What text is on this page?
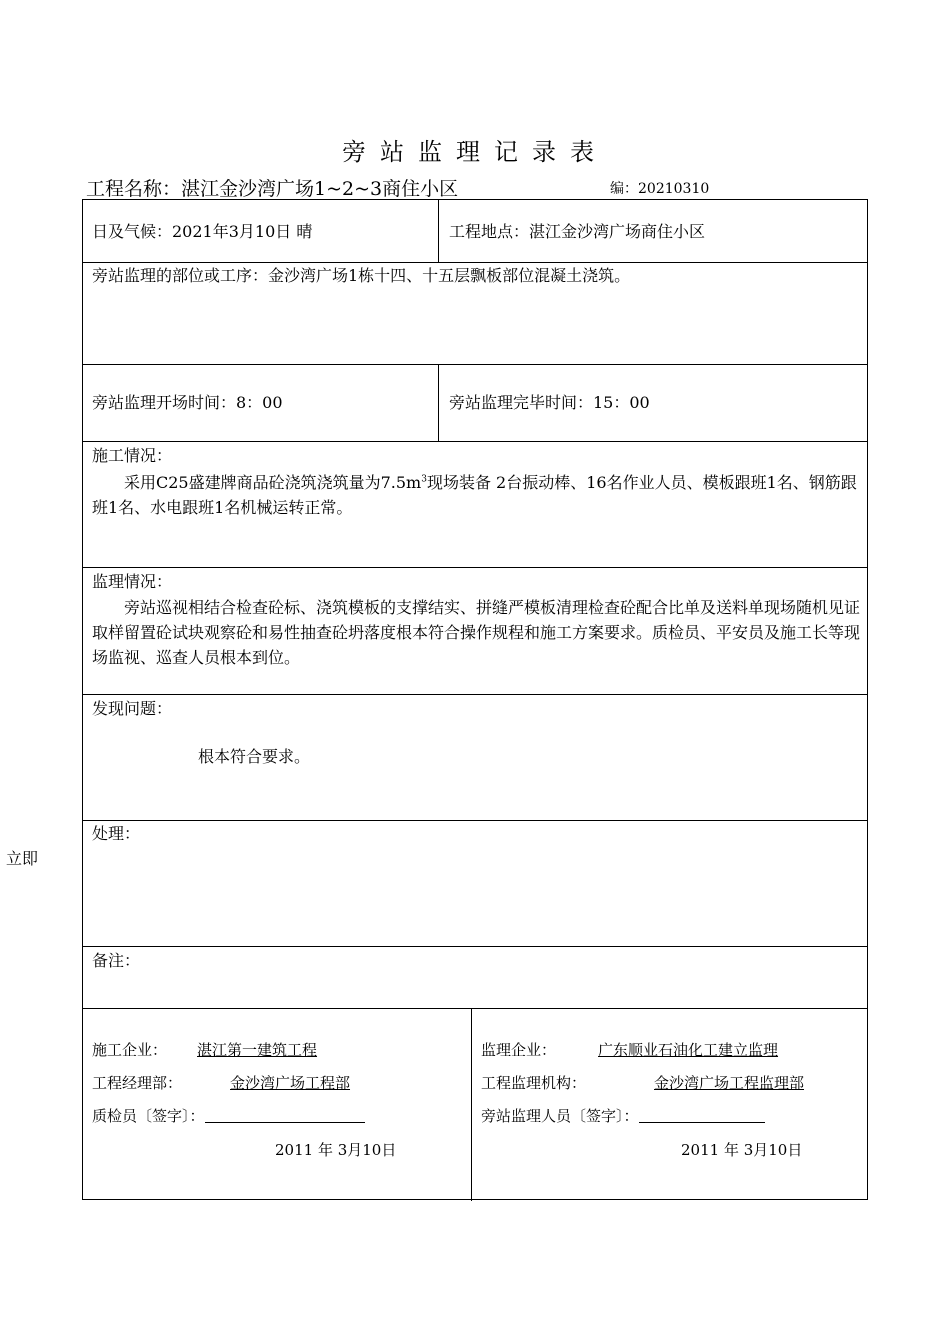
旁站监理记录表
工程名称：湛江金沙湾广场1~2~3商住小区	编：20210310
立即
日及气候：2021年3月10日 晴	工程地点：湛江金沙湾广场商住小区
旁站监理的部位或工序：金沙湾广场1栋十四、十五层飘板部位混凝土浇筑。
旁站监理开场时间：8：00	旁站监理完毕时间：15：00
施工情况：
采用C25盛建牌商品砼浇筑浇筑量为$7.5m^3$现场装备 2台振动棒、16名作业人员、模板跟班1名、钢筋跟班1名、水电跟班1名机械运转正常。
监理情况：
旁站巡视相结合检查砼标、浇筑模板的支撑结实、拼缝严模板清理检查砼配合比单及送料单现场随机见证取样留置砼试块观察砼和易性抽查砼坍落度根本符合操作规程和施工方案要求。质检员、平安员及施工长等现场监视、巡查人员根本到位。
发现问题：
根本符合要求。
处理：
备注：
施工企业： 湛江第一建筑工程
工程经理部：	金沙湾广场工程部
质检员〔签字〕：
2011 年 3月10日
监理企业：	广东顺业石油化工建立监理
工程监理机构：	金沙湾广场工程监理部
旁站监理人员〔签字〕：
2011 年 3月10日
